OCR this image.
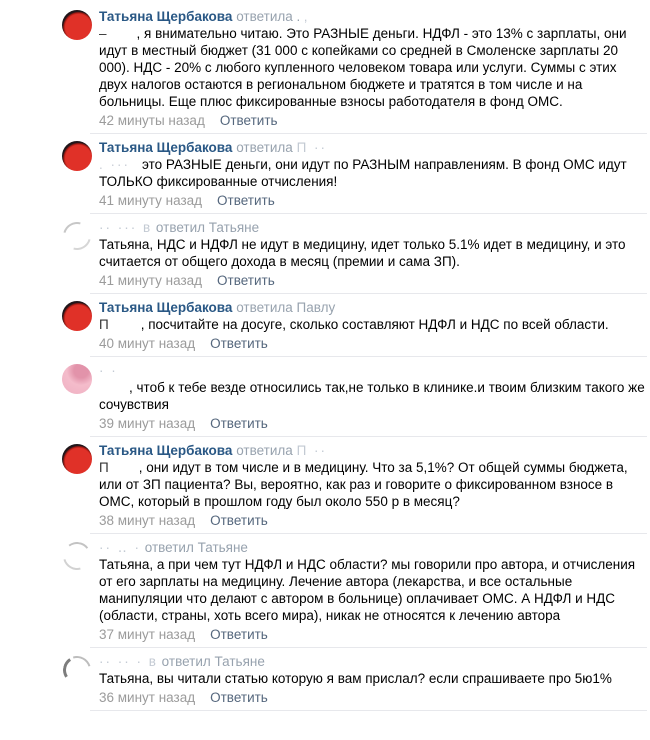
Татьяна Щербакова ответила . ‚
– , я внимательно читаю. Это РАЗНЫЕ деньги. НДФЛ - это 13% с зарплаты, они идут в местный бюджет (31 000 с копейками со средней в Смоленске зарплаты 20 000). НДС - 20% с любого купленного человеком товара или услуги. Суммы с этих двух налогов остаются в региональном бюджете и тратятся в том числе и на больницы. Еще плюс фиксированные взносы работодателя в фонд ОМС.
42 минуты назад Ответить
Татьяна Щербакова ответила П ··
. ··· это РАЗНЫЕ деньги, они идут по РАЗНЫМ направлениям. В фонд ОМС идут ТОЛЬКО фиксированные отчисления!
41 минуту назад Ответить
·· ··· в ответил Татьяне
Татьяна, НДС и НДФЛ не идут в медицину, идет только 5.1% идет в медицину, и это считается от общего дохода в месяц (премии и сама ЗП).
41 минуту назад Ответить
Татьяна Щербакова ответила Павлу
П , посчитайте на досуге, сколько составляют НДФЛ и НДС по всей области.
40 минут назад Ответить
· ·
, чтоб к тебе везде относились так,не только в клинике.и твоим близким такого же сочувствия
39 минут назад Ответить
Татьяна Щербакова ответила П ··
П , они идут в том числе и в медицину. Что за 5,1%? От общей суммы бюджета, или от ЗП пациента? Вы, вероятно, как раз и говорите о фиксированном взносе в ОМС, который в прошлом году был около 550 р в месяц?
38 минут назад Ответить
·· ‥ · ответил Татьяне
Татьяна, а при чем тут НДФЛ и НДС области? мы говорили про автора, и отчисления от его зарплаты на медицину. Лечение автора (лекарства, и все остальные манипуляции что делают с автором в больнице) оплачивает ОМС. А НДФЛ и НДС (области, страны, хоть всего мира), никак не относятся к лечению автора
37 минут назад Ответить
·· ·· · в ответил Татьяне
Татьяна, вы читали статью которую я вам прислал? если спрашиваете про 5ю1%
36 минут назад Ответить
